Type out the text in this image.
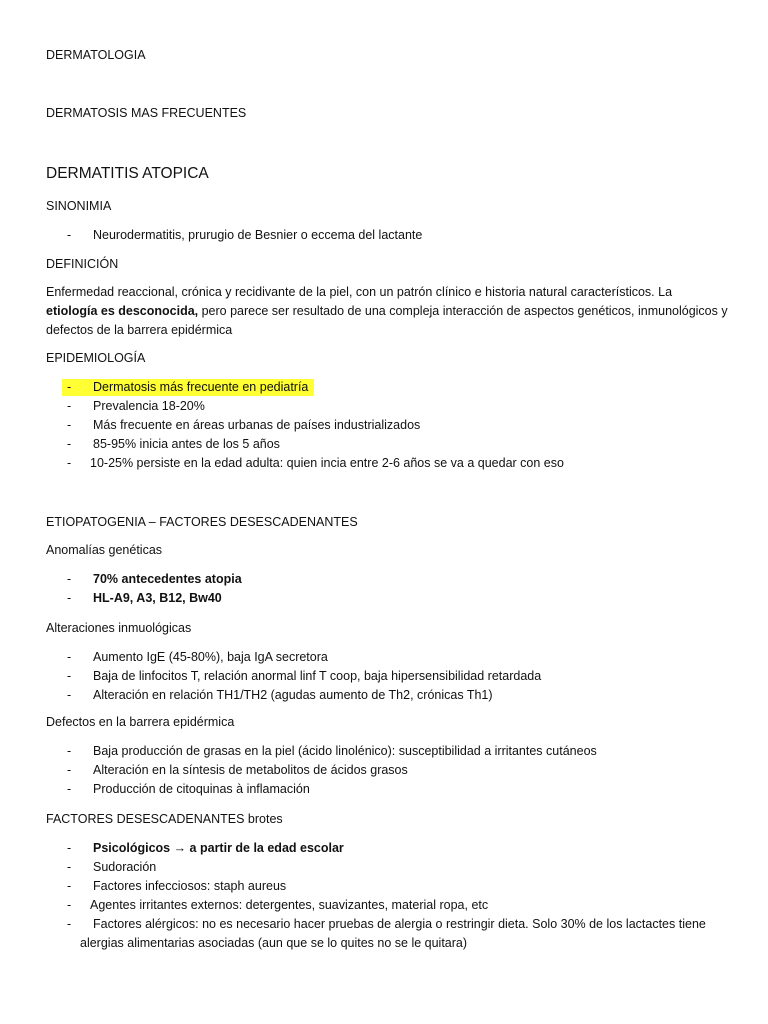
DERMATOLOGIA
DERMATOSIS MAS FRECUENTES
DERMATITIS ATOPICA
SINONIMIA
- Neurodermatitis, prurugio de Besnier o eccema del lactante
DEFINICIÓN
Enfermedad reaccional, crónica y recidivante de la piel, con un patrón clínico e historia natural característicos. La
etiología es desconocida, pero parece ser resultado de una compleja interacción de aspectos genéticos, inmunológicos y
defectos de la barrera epidérmica
EPIDEMIOLOGÍA
- Dermatosis más frecuente en pediatría
- Prevalencia 18-20%
- Más frecuente en áreas urbanas de países industrializados
- 85-95% inicia antes de los 5 años
- 10-25% persiste en la edad adulta: quien incia entre 2-6 años se va a quedar con eso
ETIOPATOGENIA – FACTORES DESESCADENANTES
Anomalías genéticas
- 70% antecedentes atopia
- HL-A9, A3, B12, Bw40
Alteraciones inmuológicas
- Aumento IgE (45-80%), baja IgA secretora
- Baja de linfocitos T, relación anormal linf T coop, baja hipersensibilidad retardada
- Alteración en relación TH1/TH2 (agudas aumento de Th2, crónicas Th1)
Defectos en la barrera epidérmica
- Baja producción de grasas en la piel (ácido linolénico): susceptibilidad a irritantes cutáneos
- Alteración en la síntesis de metabolitos de ácidos grasos
- Producción de citoquinas à inflamación
FACTORES DESESCADENANTES brotes
- Psicológicos → a partir de la edad escolar
- Sudoración
- Factores infecciosos: staph aureus
- Agentes irritantes externos: detergentes, suavizantes, material ropa, etc
-	Factores alérgicos: no es necesario hacer pruebas de alergia o restringir dieta. Solo 30% de los lactactes tiene alergias alimentarias asociadas (aun que se lo quites no se le quitara)
